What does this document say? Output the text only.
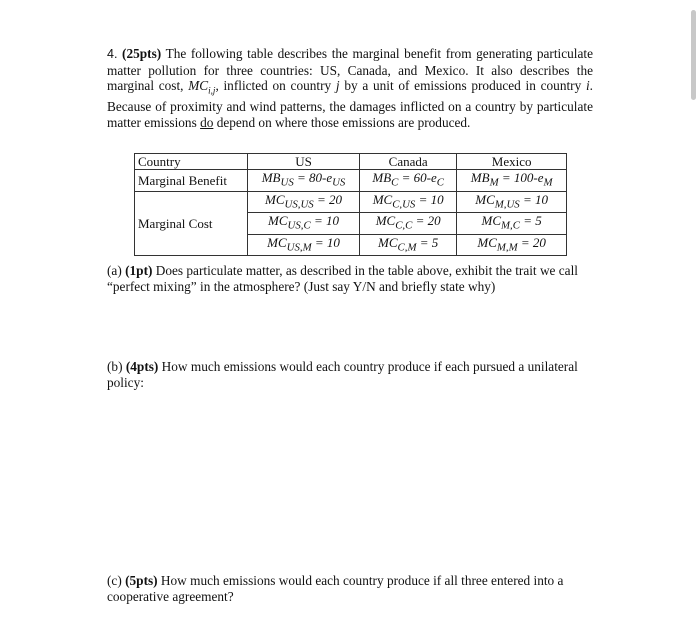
4. (25pts) The following table describes the marginal benefit from generating particulate matter pollution for three countries: US, Canada, and Mexico. It also describes the marginal cost, $MC_{i,j}$, inflicted on country j by a unit of emissions produced in country i. Because of proximity and wind patterns, the damages inflicted on a country by particulate matter emissions do depend on where those emissions are produced.
Country	US	Canada	Mexico
Marginal Benefit	$MB_{US} = 80-e_{US}$	$MB_C = 60-e_C$	$MB_M = 100-e_M$
	$MC_{US,US} = 20$	$MC_{C,US} = 10$	$MC_{M,US} = 10$
Marginal Cost	$MC_{US,C} = 10$	$MC_{C,C} = 20$	$MC_{M,C} = 5$
	$MC_{US,M} = 10$	$MC_{C,M} = 5$	$MC_{M,M} = 20$
(a) (1pt) Does particulate matter, as described in the table above, exhibit the trait we call “perfect mixing” in the atmosphere? (Just say Y/N and briefly state why)
(b) (4pts) How much emissions would each country produce if each pursued a unilateral policy:
(c) (5pts) How much emissions would each country produce if all three entered into a cooperative agreement?
